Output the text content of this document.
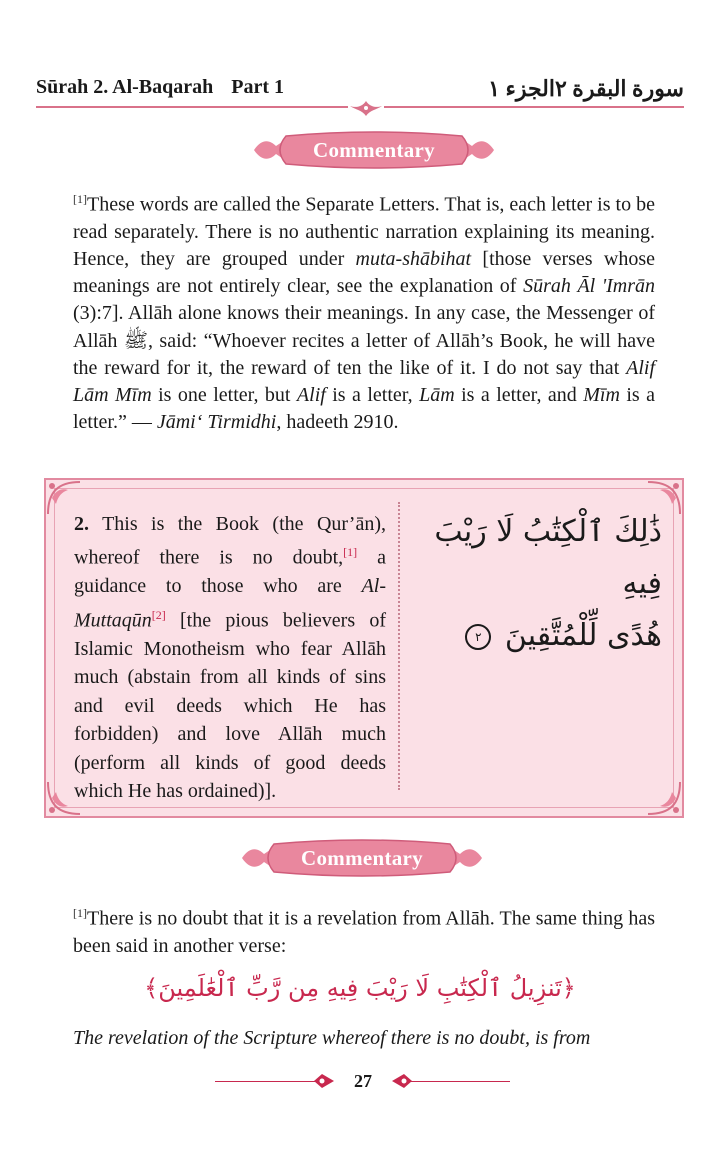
Sūrah 2. Al-Baqarah Part 1	سورة البقرة ٢الجزء ١
Commentary
[1]These words are called the Separate Letters. That is, each letter is to be read separately. There is no authentic narration explaining its meaning. Hence, they are grouped under muta-shābihat [those verses whose meanings are not entirely clear, see the explanation of Sūrah Āl 'Imrān (3):7]. Allāh alone knows their meanings. In any case, the Messenger of Allāh ﷺ, said: “Whoever recites a letter of Allāh’s Book, he will have the reward for it, the reward of ten the like of it. I do not say that Alif Lām Mīm is one letter, but Alif is a letter, Lām is a letter, and Mīm is a letter.” — Jāmi‘ Tirmidhi, hadeeth 2910.
2. This is the Book (the Qur’ān), whereof there is no doubt,[1] a guidance to those who are Al-Muttaqūn[2] [the pious believers of Islamic Monotheism who fear Allāh much (abstain from all kinds of sins and evil deeds which He has forbidden) and love Allāh much (perform all kinds of good deeds which He has ordained)].
ذَٰلِكَ ٱلْكِتَٰبُ لَا رَيْبَ فِيهِ
هُدًى لِّلْمُتَّقِينَ ٢
Commentary
[1]There is no doubt that it is a revelation from Allāh. The same thing has been said in another verse:
﴿تَنزِيلُ ٱلْكِتَٰبِ لَا رَيْبَ فِيهِ مِن رَّبِّ ٱلْعَٰلَمِينَ﴾
The revelation of the Scripture whereof there is no doubt, is from
27
